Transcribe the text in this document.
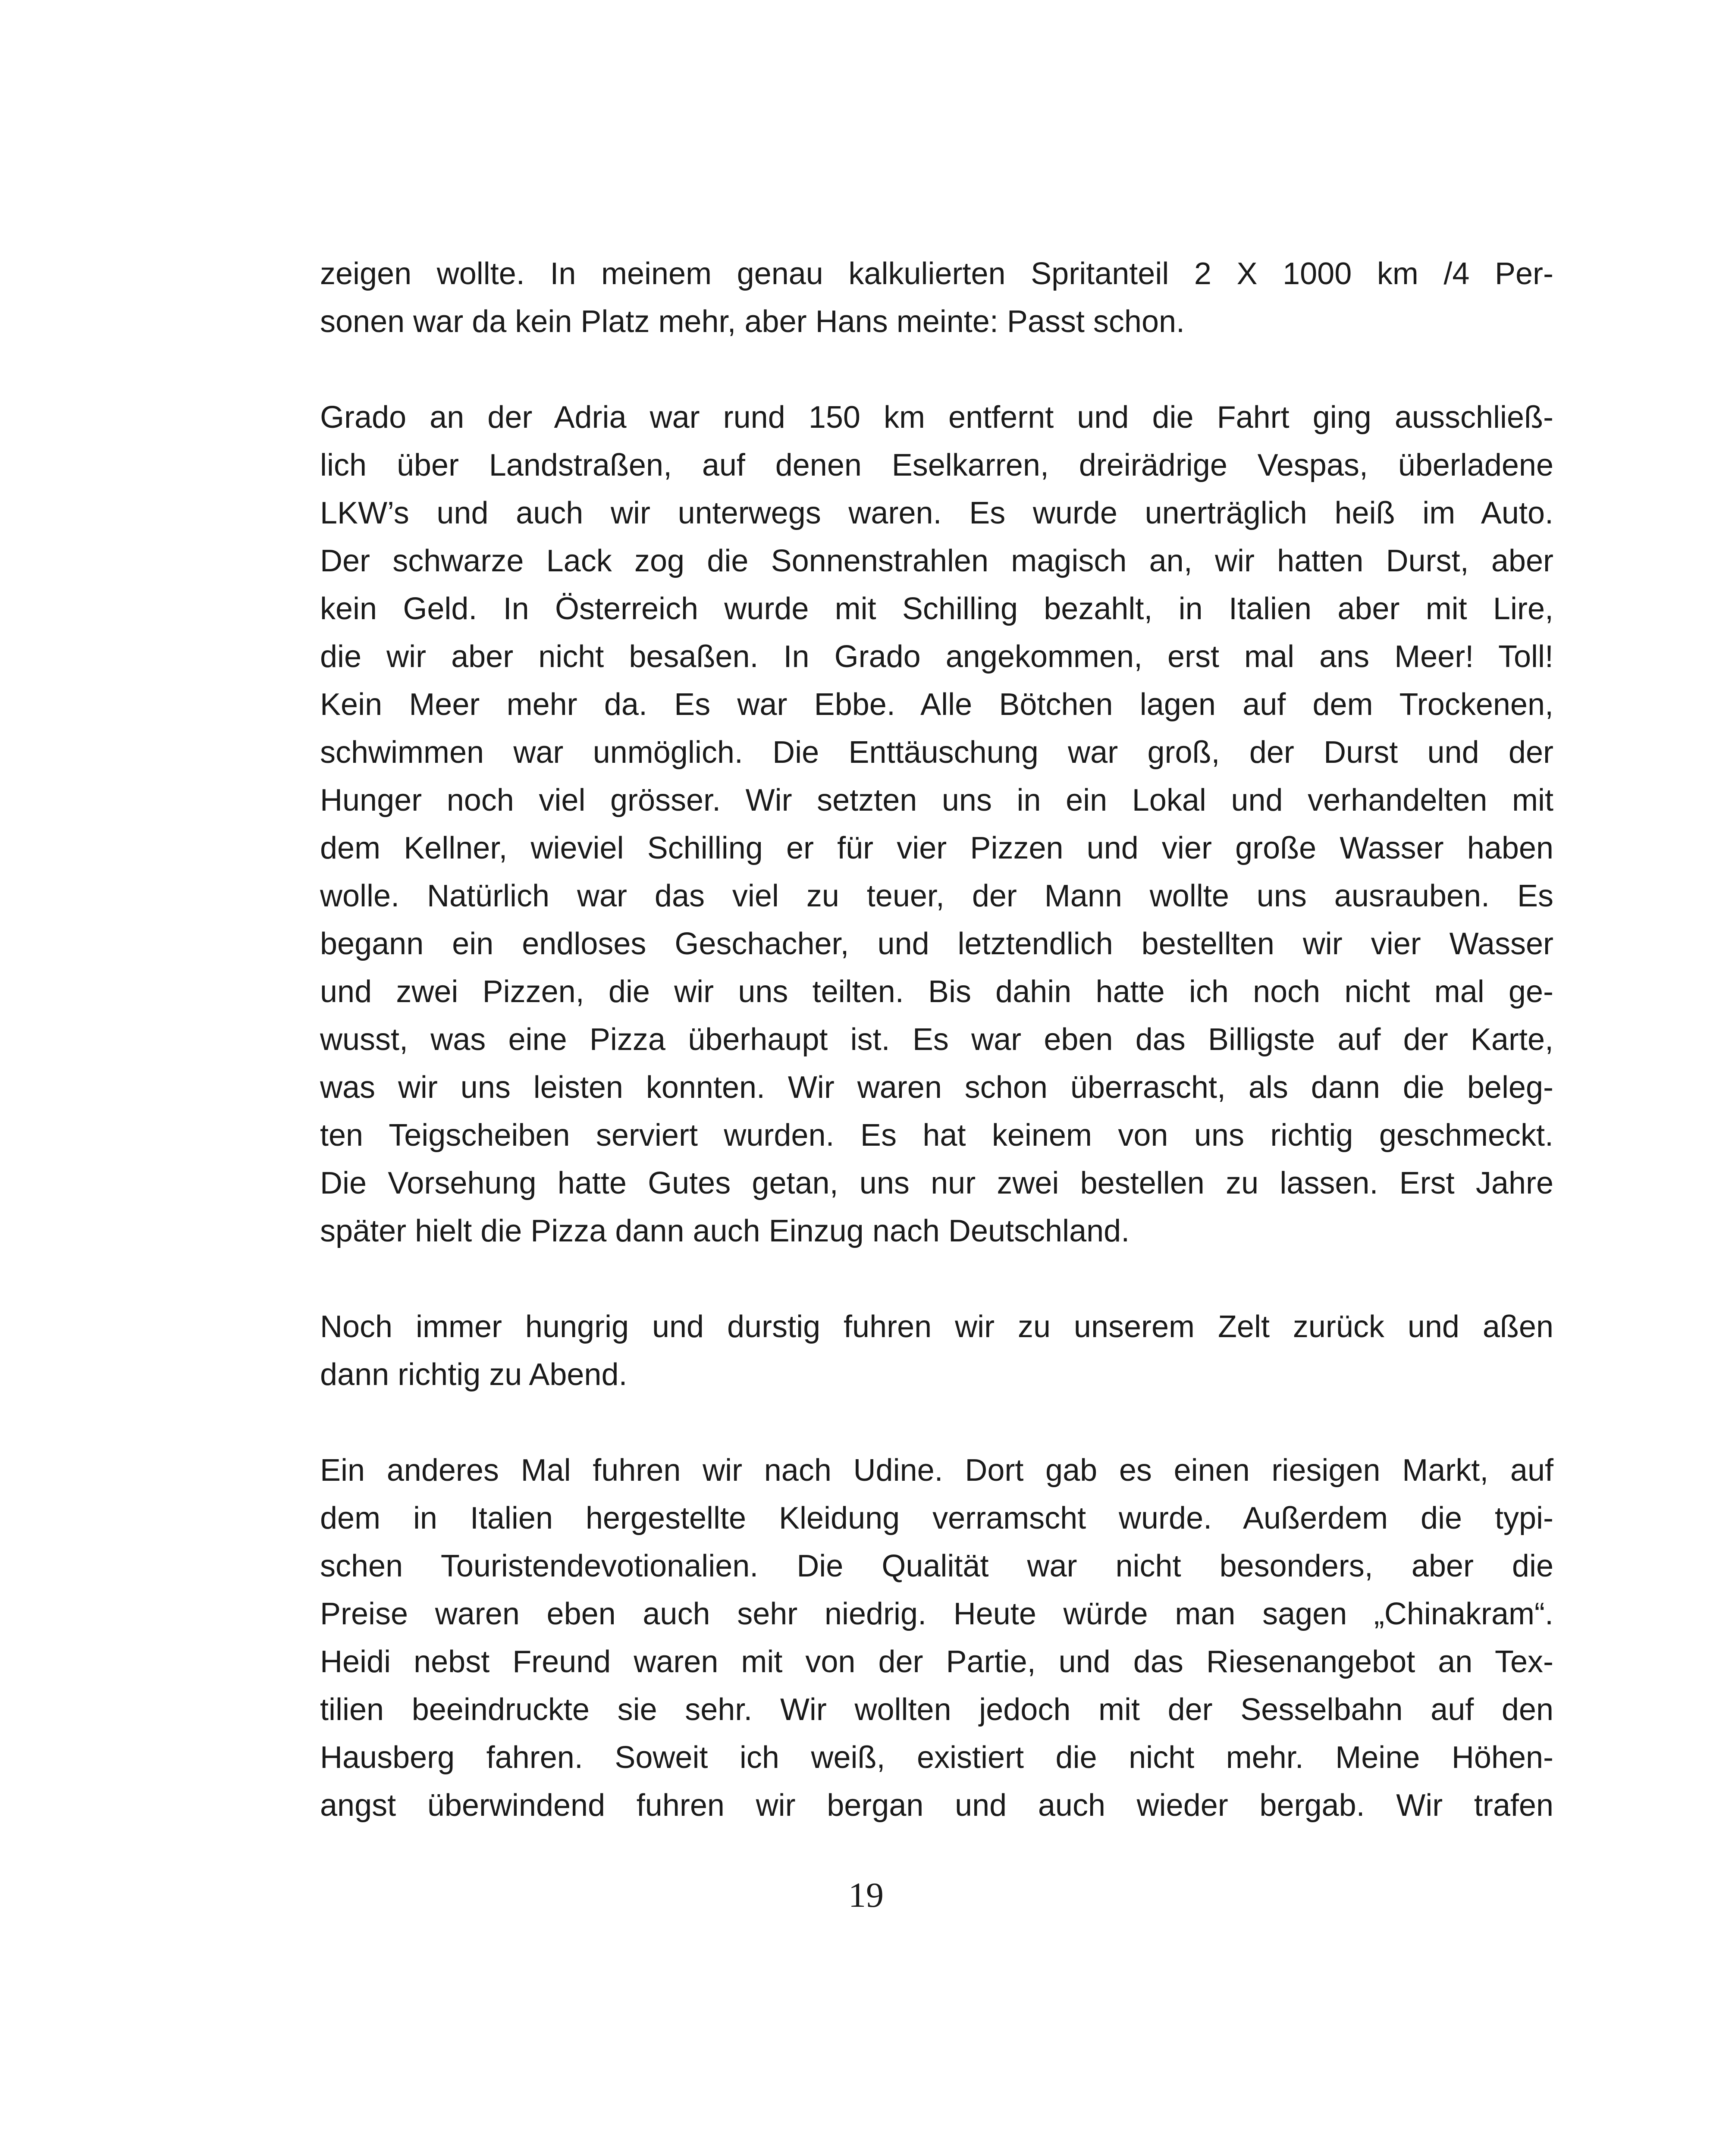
zeigen wollte. In meinem genau kalkulierten Spritanteil 2 X 1000 km /4 Per-
sonen war da kein Platz mehr, aber Hans meinte: Passt schon.

Grado an der Adria war rund 150 km entfernt und die Fahrt ging ausschließ-
lich über Landstraßen, auf denen Eselkarren, dreirädrige Vespas, überladene
LKW’s und auch wir unterwegs waren. Es wurde unerträglich heiß im Auto.
Der schwarze Lack zog die Sonnenstrahlen magisch an, wir hatten Durst, aber
kein Geld. In Österreich wurde mit Schilling bezahlt, in Italien aber mit Lire,
die wir aber nicht besaßen. In Grado angekommen, erst mal ans Meer! Toll!
Kein Meer mehr da. Es war Ebbe. Alle Bötchen lagen auf dem Trockenen,
schwimmen war unmöglich. Die Enttäuschung war groß, der Durst und der
Hunger noch viel grösser. Wir setzten uns in ein Lokal und verhandelten mit
dem Kellner, wieviel Schilling er für vier Pizzen und vier große Wasser haben
wolle. Natürlich war das viel zu teuer, der Mann wollte uns ausrauben. Es
begann ein endloses Geschacher, und letztendlich bestellten wir vier Wasser
und zwei Pizzen, die wir uns teilten. Bis dahin hatte ich noch nicht mal ge-
wusst, was eine Pizza überhaupt ist. Es war eben das Billigste auf der Karte,
was wir uns leisten konnten. Wir waren schon überrascht, als dann die beleg-
ten Teigscheiben serviert wurden. Es hat keinem von uns richtig geschmeckt.
Die Vorsehung hatte Gutes getan, uns nur zwei bestellen zu lassen. Erst Jahre
später hielt die Pizza dann auch Einzug nach Deutschland.

Noch immer hungrig und durstig fuhren wir zu unserem Zelt zurück und aßen
dann richtig zu Abend.

Ein anderes Mal fuhren wir nach Udine. Dort gab es einen riesigen Markt, auf
dem in Italien hergestellte Kleidung verramscht wurde. Außerdem die typi-
schen Touristendevotionalien. Die Qualität war nicht besonders, aber die
Preise waren eben auch sehr niedrig. Heute würde man sagen „Chinakram“.
Heidi nebst Freund waren mit von der Partie, und das Riesenangebot an Tex-
tilien beeindruckte sie sehr. Wir wollten jedoch mit der Sesselbahn auf den
Hausberg fahren. Soweit ich weiß, existiert die nicht mehr. Meine Höhen-
angst überwindend fuhren wir bergan und auch wieder bergab. Wir trafen

19
